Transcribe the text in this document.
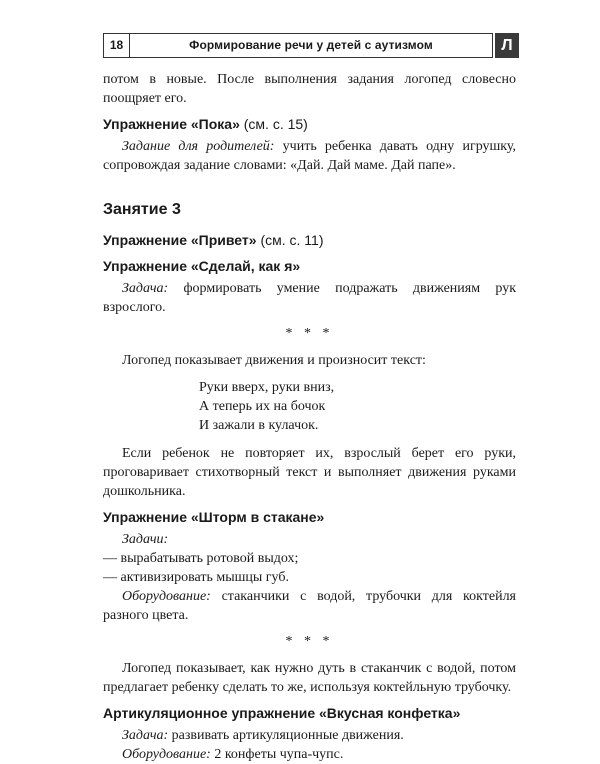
18	Формирование речи у детей с аутизмом	Л

потом в новые. После выполнения задания логопед словесно поощряет его.

Упражнение «Пока» (см. с. 15)

Задание для родителей: учить ребенка давать одну игрушку, сопровождая задание словами: «Дай. Дай маме. Дай папе».

Занятие 3
Упражнение «Привет» (см. с. 11)
Упражнение «Сделай, как я»

Задача: формировать умение подражать движениям рук взрослого.

* * *

Логопед показывает движения и произносит текст:

Руки вверх, руки вниз,
А теперь их на бочок
И зажали в кулачок.

Если ребенок не повторяет их, взрослый берет его руки, проговаривает стихотворный текст и выполняет движения руками дошкольника.

Упражнение «Шторм в стакане»

Задачи:

— вырабатывать ротовой выдох;

— активизировать мышцы губ.

Оборудование: стаканчики с водой, трубочки для коктейля разного цвета.

* * *

Логопед показывает, как нужно дуть в стаканчик с водой, потом предлагает ребенку сделать то же, используя коктейльную трубочку.

Артикуляционное упражнение «Вкусная конфетка»

Задача: развивать артикуляционные движения.

Оборудование: 2 конфеты чупа-чупс.
